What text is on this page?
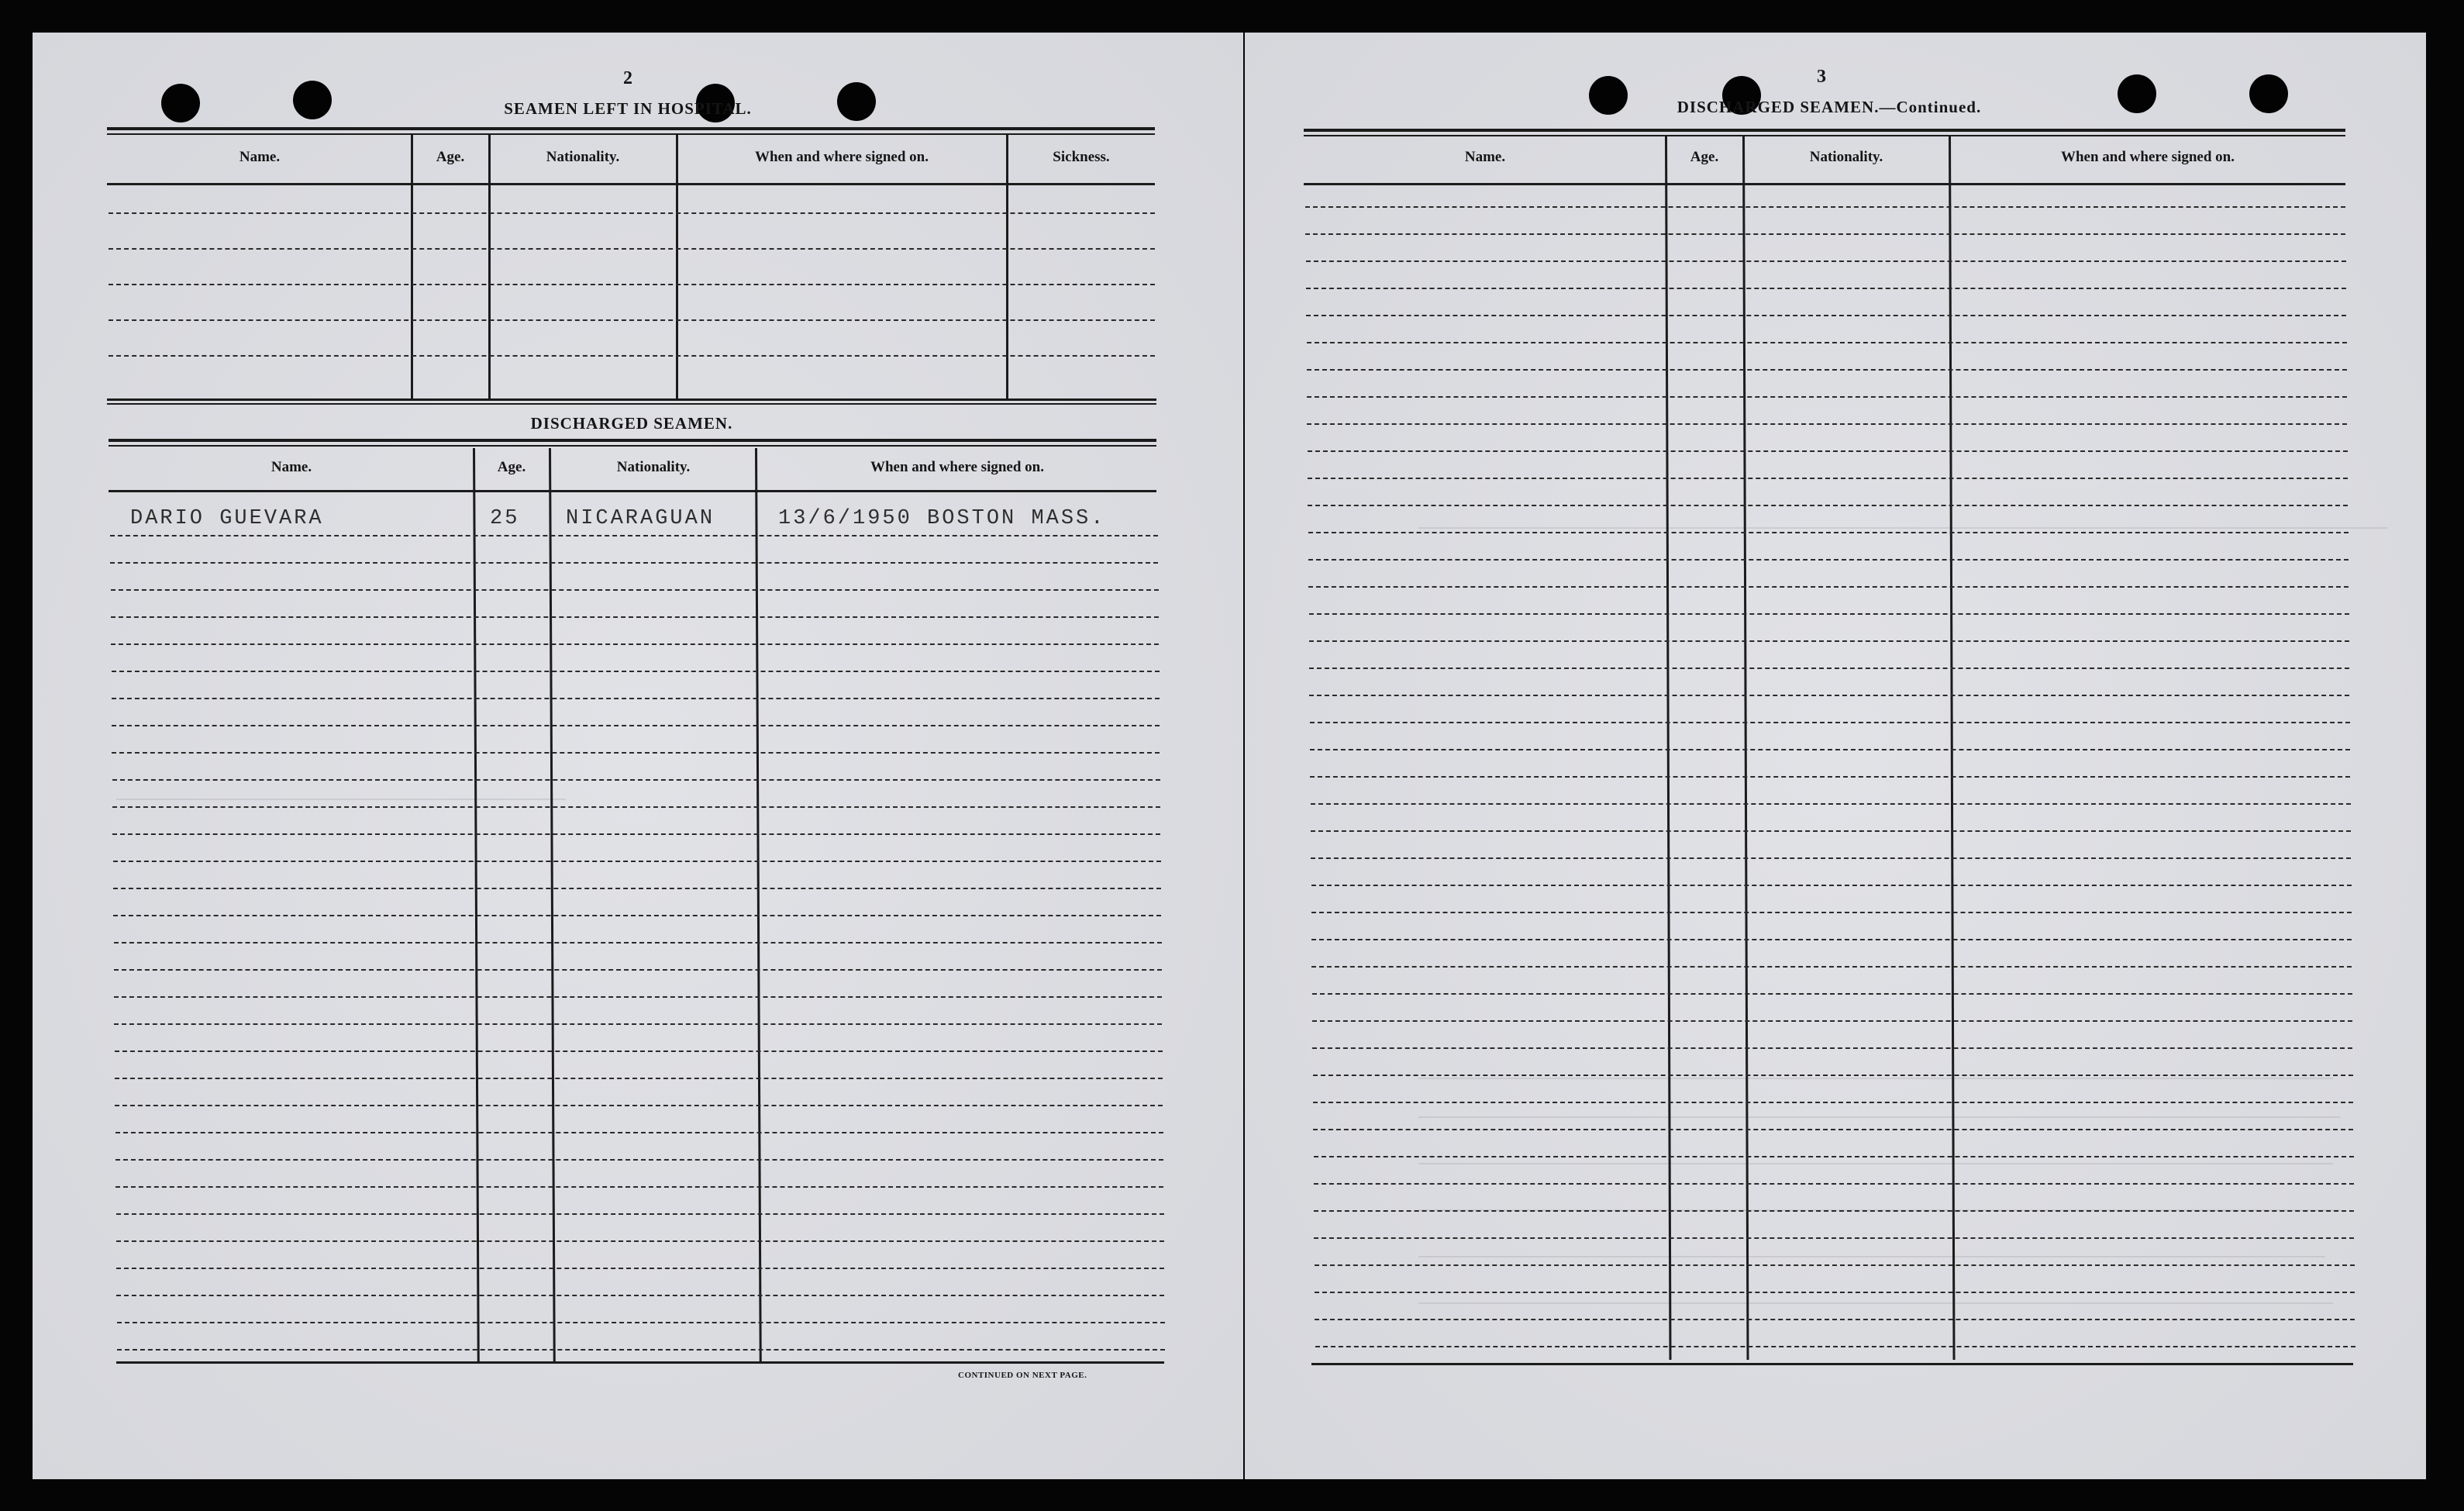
2
SEAMEN LEFT IN HOSPITAL.
Name.	Age.	Nationality.	When and where signed on.	Sickness.
DISCHARGED SEAMEN.
Name.	Age.	Nationality.	When and where signed on.
DARIO GUEVARA	25 NICARAGUAN	13/6/1950 BOSTON MASS.
CONTINUED ON NEXT PAGE.
3
DISCHARGED SEAMEN.—Continued.
Name.	Age.	Nationality.	When and where signed on.
